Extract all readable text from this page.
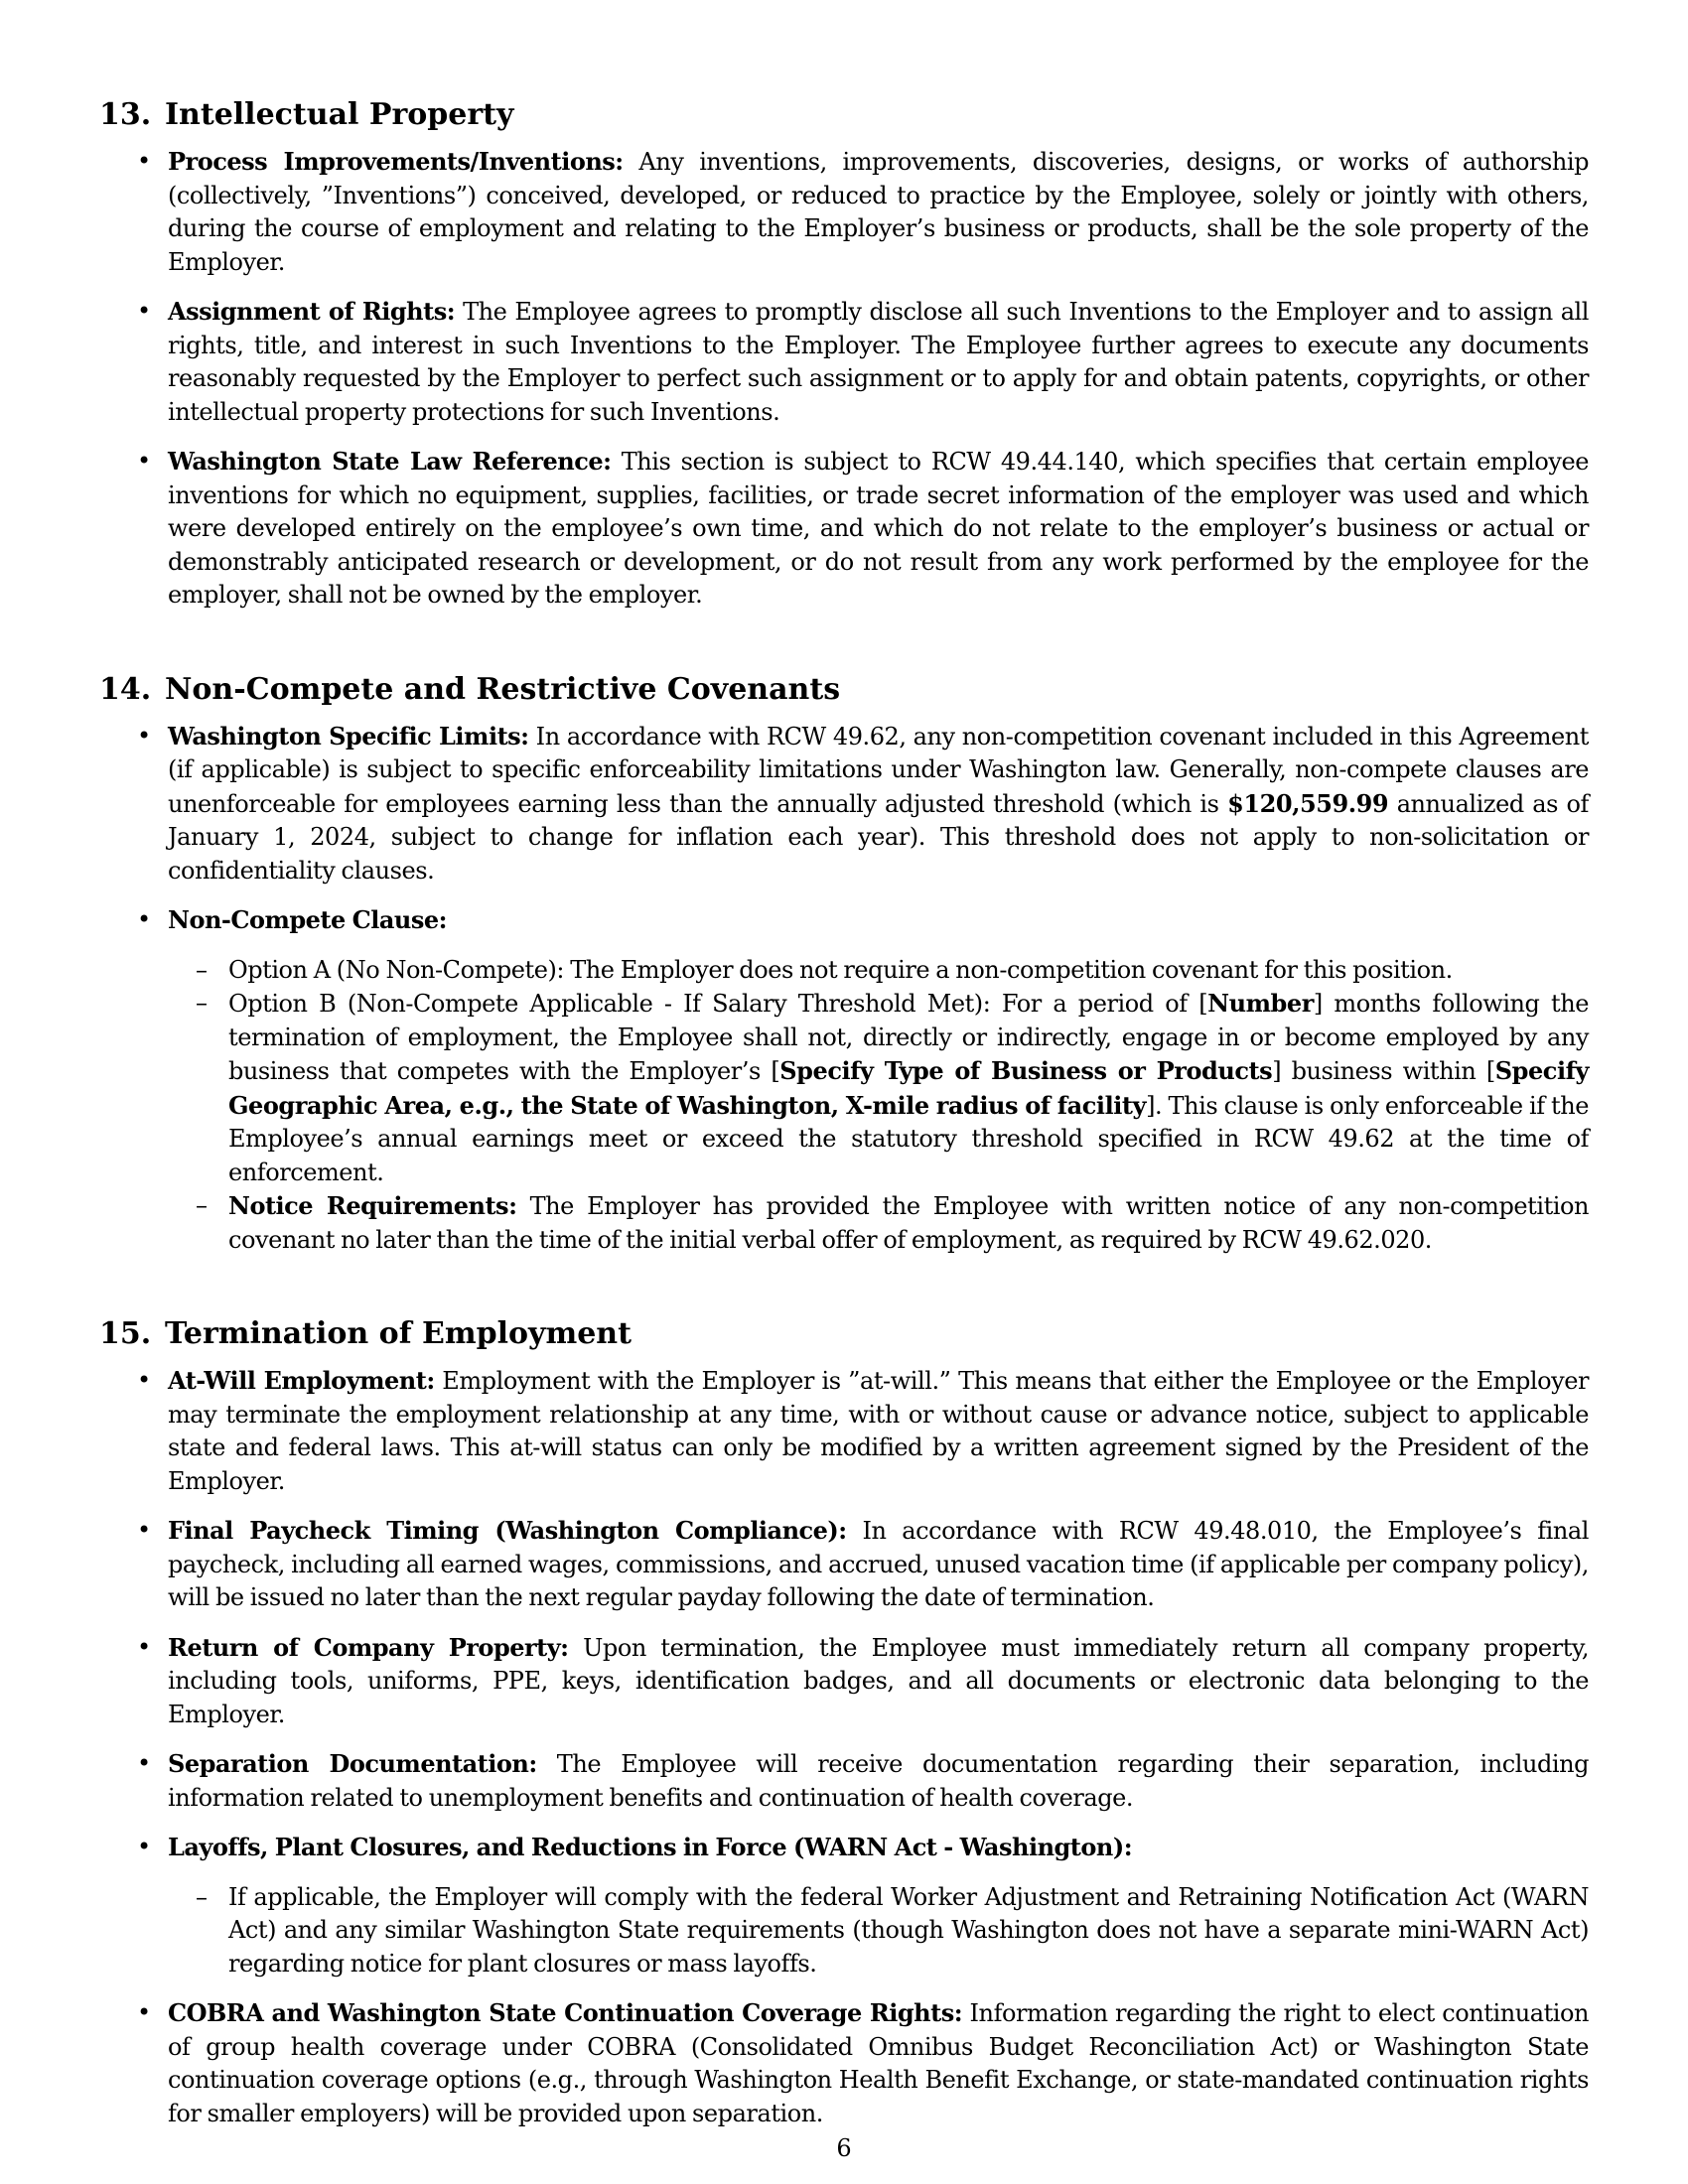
13. Intellectual Property
• Process Improvements/Inventions: Any inventions, improvements, discoveries, designs, or works of authorship (collectively, ”Inventions”) conceived, developed, or reduced to practice by the Employee, solely or jointly with others, during the course of employment and relating to the Employer’s business or products, shall be the sole property of the Employer.
• Assignment of Rights: The Employee agrees to promptly disclose all such Inventions to the Employer and to assign all rights, title, and interest in such Inventions to the Employer. The Employee further agrees to execute any documents reasonably requested by the Employer to perfect such assignment or to apply for and obtain patents, copyrights, or other intellectual property protections for such Inventions.
• Washington State Law Reference: This section is subject to RCW 49.44.140, which specifies that certain employee inventions for which no equipment, supplies, facilities, or trade secret information of the employer was used and which were developed entirely on the employee’s own time, and which do not relate to the employer’s business or actual or demonstrably anticipated research or development, or do not result from any work performed by the employee for the employer, shall not be owned by the employer.
14. Non-Compete and Restrictive Covenants
• Washington Specific Limits: In accordance with RCW 49.62, any non-competition covenant included in this Agreement (if applicable) is subject to specific enforceability limitations under Washington law. Generally, non-compete clauses are unenforceable for employees earning less than the annually adjusted threshold (which is $120,559.99 annualized as of January 1, 2024, subject to change for inflation each year). This threshold does not apply to non-solicitation or confidentiality clauses.
• Non-Compete Clause:
– Option A (No Non-Compete): The Employer does not require a non-competition covenant for this position.
– Option B (Non-Compete Applicable - If Salary Threshold Met): For a period of [Number] months following the termination of employment, the Employee shall not, directly or indirectly, engage in or become employed by any business that competes with the Employer’s [Specify Type of Business or Products] business within [Specify Geographic Area, e.g., the State of Washington, X-mile radius of facility]. This clause is only enforceable if the Employee’s annual earnings meet or exceed the statutory threshold specified in RCW 49.62 at the time of enforcement.
– Notice Requirements: The Employer has provided the Employee with written notice of any non-competition covenant no later than the time of the initial verbal offer of employment, as required by RCW 49.62.020.
15. Termination of Employment
• At-Will Employment: Employment with the Employer is ”at-will.” This means that either the Employee or the Employer may terminate the employment relationship at any time, with or without cause or advance notice, subject to applicable state and federal laws. This at-will status can only be modified by a written agreement signed by the President of the Employer.
• Final Paycheck Timing (Washington Compliance): In accordance with RCW 49.48.010, the Employee’s final paycheck, including all earned wages, commissions, and accrued, unused vacation time (if applicable per company policy), will be issued no later than the next regular payday following the date of termination.
• Return of Company Property: Upon termination, the Employee must immediately return all company property, including tools, uniforms, PPE, keys, identification badges, and all documents or electronic data belonging to the Employer.
• Separation Documentation: The Employee will receive documentation regarding their separation, including information related to unemployment benefits and continuation of health coverage.
• Layoffs, Plant Closures, and Reductions in Force (WARN Act - Washington):
– If applicable, the Employer will comply with the federal Worker Adjustment and Retraining Notification Act (WARN Act) and any similar Washington State requirements (though Washington does not have a separate mini-WARN Act) regarding notice for plant closures or mass layoffs.
• COBRA and Washington State Continuation Coverage Rights: Information regarding the right to elect continuation of group health coverage under COBRA (Consolidated Omnibus Budget Reconciliation Act) or Washington State continuation coverage options (e.g., through Washington Health Benefit Exchange, or state-mandated continuation rights for smaller employers) will be provided upon separation.
6
